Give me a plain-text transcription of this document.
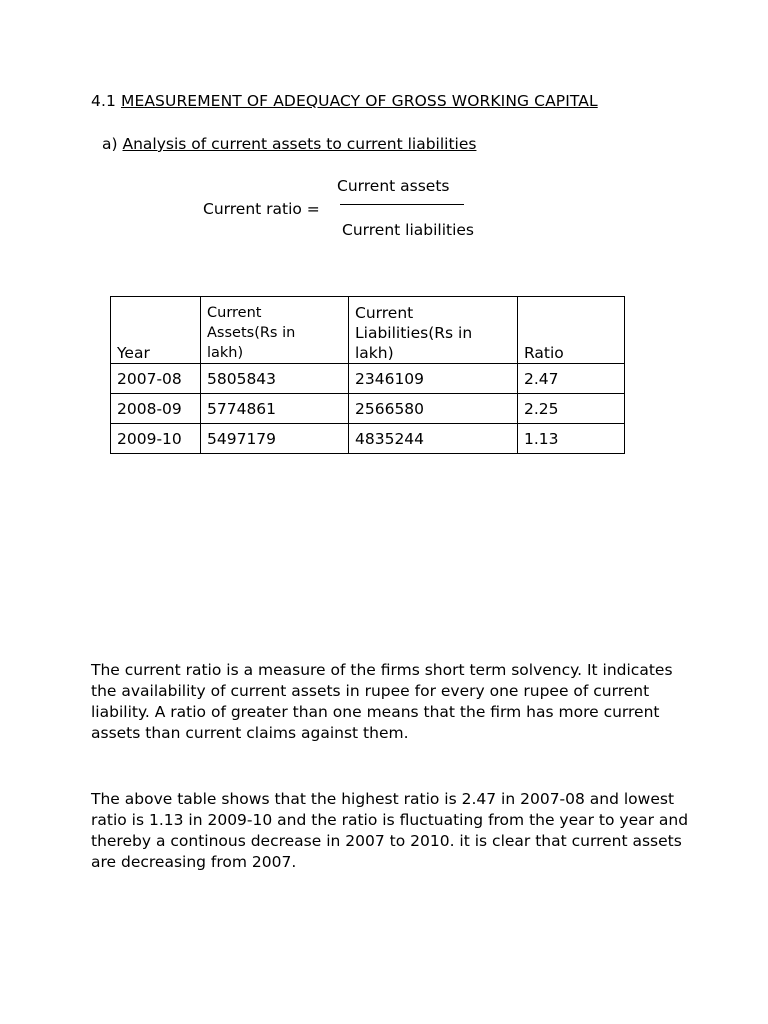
4.1 MEASUREMENT OF ADEQUACY OF GROSS WORKING CAPITAL
a) Analysis of current assets to current liabilities
Current ratio =
Current assets
Current liabilities
Year	Current
Assets(Rs in
lakh)	Current
Liabilities(Rs in
lakh)	Ratio
2007-08	5805843	2346109	2.47
2008-09	5774861	2566580	2.25
2009-10	5497179	4835244	1.13

The current ratio is a measure of the firms short term solvency. It indicates the availability of current assets in rupee for every one rupee of current liability. A ratio of greater than one means that the firm has more current assets than current claims against them.

The above table shows that the highest ratio is 2.47 in 2007-08 and lowest ratio is 1.13 in 2009-10 and the ratio is fluctuating from the year to year and thereby a continous decrease in 2007 to 2010. it is clear that current assets are decreasing from 2007.
